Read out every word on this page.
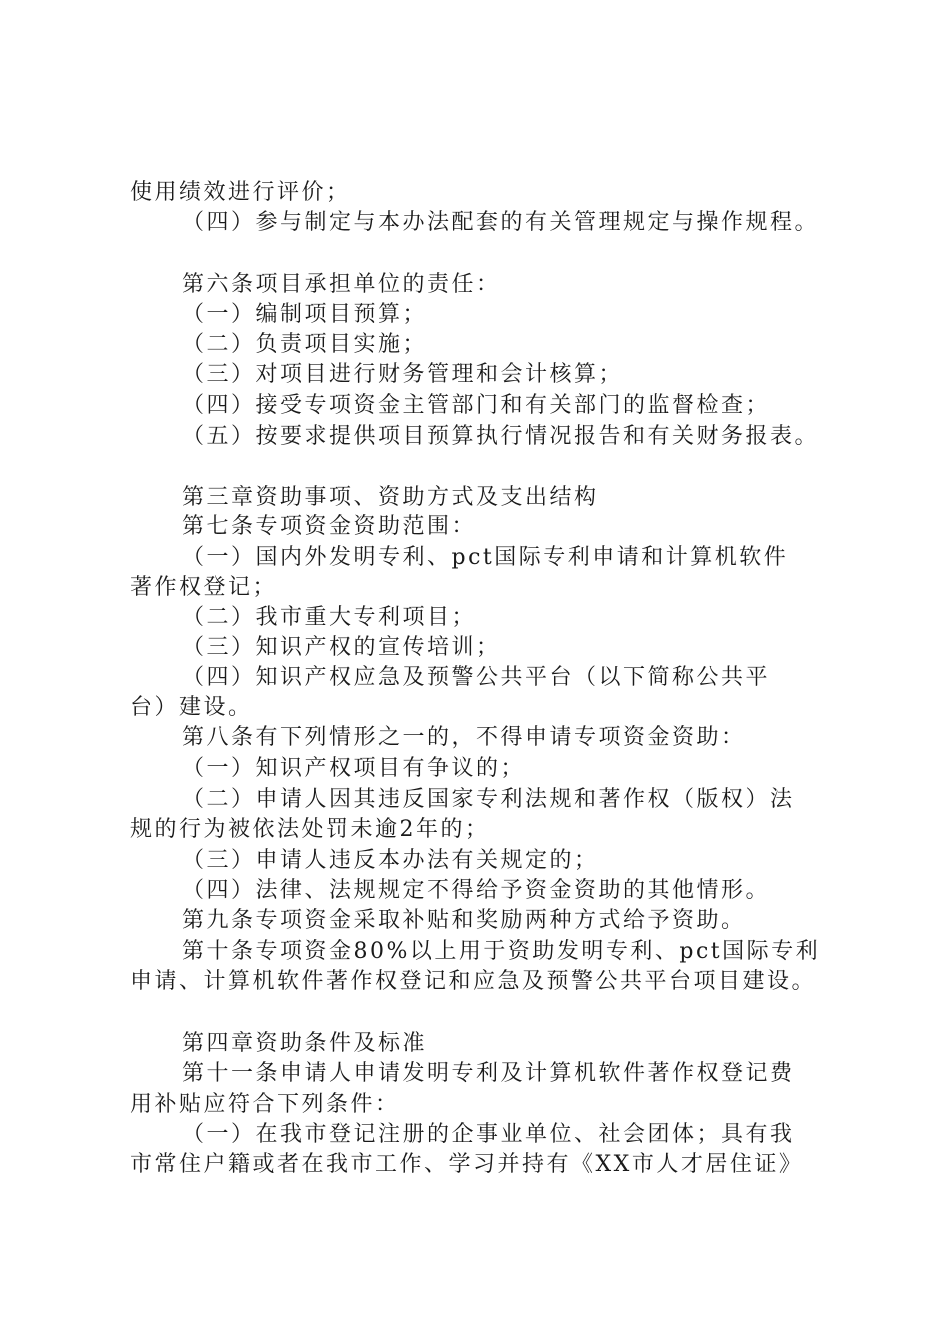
使用绩效进行评价；
（四）参与制定与本办法配套的有关管理规定与操作规程。
第六条项目承担单位的责任：
（一）编制项目预算；
（二）负责项目实施；
（三）对项目进行财务管理和会计核算；
（四）接受专项资金主管部门和有关部门的监督检查；
（五）按要求提供项目预算执行情况报告和有关财务报表。
第三章资助事项、资助方式及支出结构
第七条专项资金资助范围：
（一）国内外发明专利、pct国际专利申请和计算机软件
著作权登记；
（二）我市重大专利项目；
（三）知识产权的宣传培训；
（四）知识产权应急及预警公共平台（以下简称公共平
台）建设。
第八条有下列情形之一的，不得申请专项资金资助：
（一）知识产权项目有争议的；
（二）申请人因其违反国家专利法规和著作权（版权）法
规的行为被依法处罚未逾2年的；
（三）申请人违反本办法有关规定的；
（四）法律、法规规定不得给予资金资助的其他情形。
第九条专项资金采取补贴和奖励两种方式给予资助。
第十条专项资金80%以上用于资助发明专利、pct国际专利
申请、计算机软件著作权登记和应急及预警公共平台项目建设。
第四章资助条件及标准
第十一条申请人申请发明专利及计算机软件著作权登记费
用补贴应符合下列条件：
（一）在我市登记注册的企事业单位、社会团体；具有我
市常住户籍或者在我市工作、学习并持有《XX市人才居住证》
